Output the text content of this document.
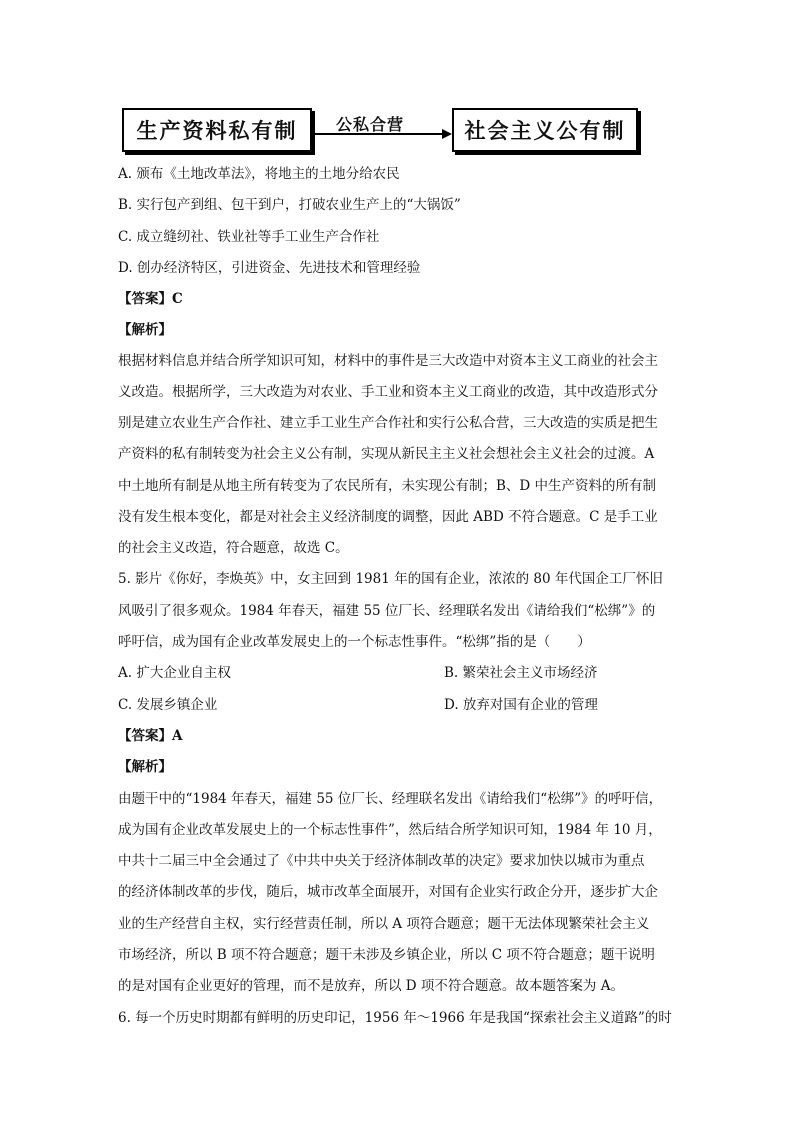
生产资料私有制	公私合营	社会主义公有制
A. 颁布《土地改革法》，将地主的土地分给农民
B. 实行包产到组、包干到户，打破农业生产上的“大锅饭”
C. 成立缝纫社、铁业社等手工业生产合作社
D. 创办经济特区，引进资金、先进技术和管理经验
【答案】C
【解析】
根据材料信息并结合所学知识可知，材料中的事件是三大改造中对资本主义工商业的社会主
义改造。根据所学，三大改造为对农业、手工业和资本主义工商业的改造，其中改造形式分
别是建立农业生产合作社、建立手工业生产合作社和实行公私合营，三大改造的实质是把生
产资料的私有制转变为社会主义公有制，实现从新民主主义社会想社会主义社会的过渡。A
中土地所有制是从地主所有转变为了农民所有，未实现公有制；B、D 中生产资料的所有制
没有发生根本变化，都是对社会主义经济制度的调整，因此 ABD 不符合题意。C 是手工业
的社会主义改造，符合题意，故选 C。
5. 影片《你好，李焕英》中，女主回到 1981 年的国有企业，浓浓的 80 年代国企工厂怀旧
风吸引了很多观众。1984 年春天，福建 55 位厂长、经理联名发出《请给我们“松绑”》的
呼吁信，成为国有企业改革发展史上的一个标志性事件。“松绑”指的是（　　）
A. 扩大企业自主权	B. 繁荣社会主义市场经济
C. 发展乡镇企业	D. 放弃对国有企业的管理
【答案】A
【解析】
由题干中的“1984 年春天，福建 55 位厂长、经理联名发出《请给我们“松绑”》的呼吁信，
成为国有企业改革发展史上的一个标志性事件”，然后结合所学知识可知，1984 年 10 月，
中共十二届三中全会通过了《中共中央关于经济体制改革的决定》要求加快以城市为重点
的经济体制改革的步伐，随后，城市改革全面展开，对国有企业实行政企分开，逐步扩大企
业的生产经营自主权，实行经营责任制，所以 A 项符合题意；题干无法体现繁荣社会主义
市场经济，所以 B 项不符合题意；题干未涉及乡镇企业，所以 C 项不符合题意；题干说明
的是对国有企业更好的管理，而不是放弃，所以 D 项不符合题意。故本题答案为 A。
6. 每一个历史时期都有鲜明的历史印记，1956 年～1966 年是我国“探索社会主义道路”的时
